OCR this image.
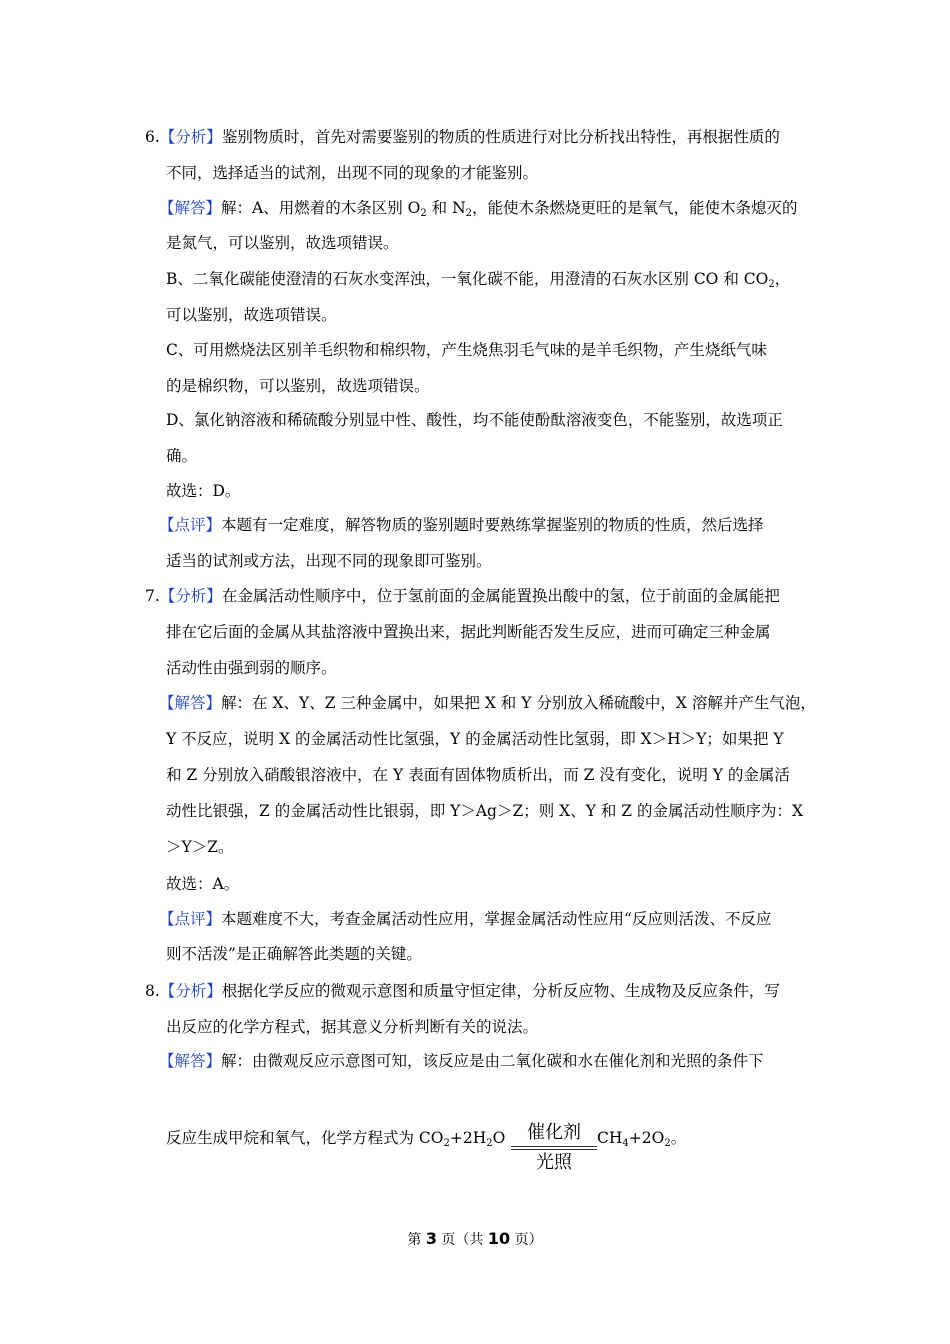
6.【分析】鉴别物质时，首先对需要鉴别的物质的性质进行对比分析找出特性，再根据性质的
不同，选择适当的试剂，出现不同的现象的才能鉴别。
【解答】解：A、用燃着的木条区别 $O_2$ 和 $N_2$，能使木条燃烧更旺的是氧气，能使木条熄灭的
是氮气，可以鉴别，故选项错误。
B、二氧化碳能使澄清的石灰水变浑浊，一氧化碳不能，用澄清的石灰水区别 CO 和 $CO_2$，
可以鉴别，故选项错误。
C、可用燃烧法区别羊毛织物和棉织物，产生烧焦羽毛气味的是羊毛织物，产生烧纸气味
的是棉织物，可以鉴别，故选项错误。
D、氯化钠溶液和稀硫酸分别显中性、酸性，均不能使酚酞溶液变色，不能鉴别，故选项正
确。
故选：D。
【点评】本题有一定难度，解答物质的鉴别题时要熟练掌握鉴别的物质的性质，然后选择
适当的试剂或方法，出现不同的现象即可鉴别。
7.【分析】在金属活动性顺序中，位于氢前面的金属能置换出酸中的氢，位于前面的金属能把
排在它后面的金属从其盐溶液中置换出来，据此判断能否发生反应，进而可确定三种金属
活动性由强到弱的顺序。
【解答】解：在 X、Y、Z 三种金属中，如果把 X 和 Y 分别放入稀硫酸中，X 溶解并产生气泡，
Y 不反应，说明 X 的金属活动性比氢强，Y 的金属活动性比氢弱，即 X＞H＞Y；如果把 Y
和 Z 分别放入硝酸银溶液中，在 Y 表面有固体物质析出，而 Z 没有变化，说明 Y 的金属活
动性比银强，Z 的金属活动性比银弱，即 Y＞Ag＞Z；则 X、Y 和 Z 的金属活动性顺序为：X
＞Y＞Z。
故选：A。
【点评】本题难度不大，考查金属活动性应用，掌握金属活动性应用“反应则活泼、不反应
则不活泼”是正确解答此类题的关键。
8.【分析】根据化学反应的微观示意图和质量守恒定律，分析反应物、生成物及反应条件，写
出反应的化学方程式，据其意义分析判断有关的说法。
【解答】解：由微观反应示意图可知，该反应是由二氧化碳和水在催化剂和光照的条件下
反应生成甲烷和氧气，化学方程式为 $CO_2+2H_2O$	催化剂
光照
$CH_4+2O_2$。
第 3 页（共 10 页）
